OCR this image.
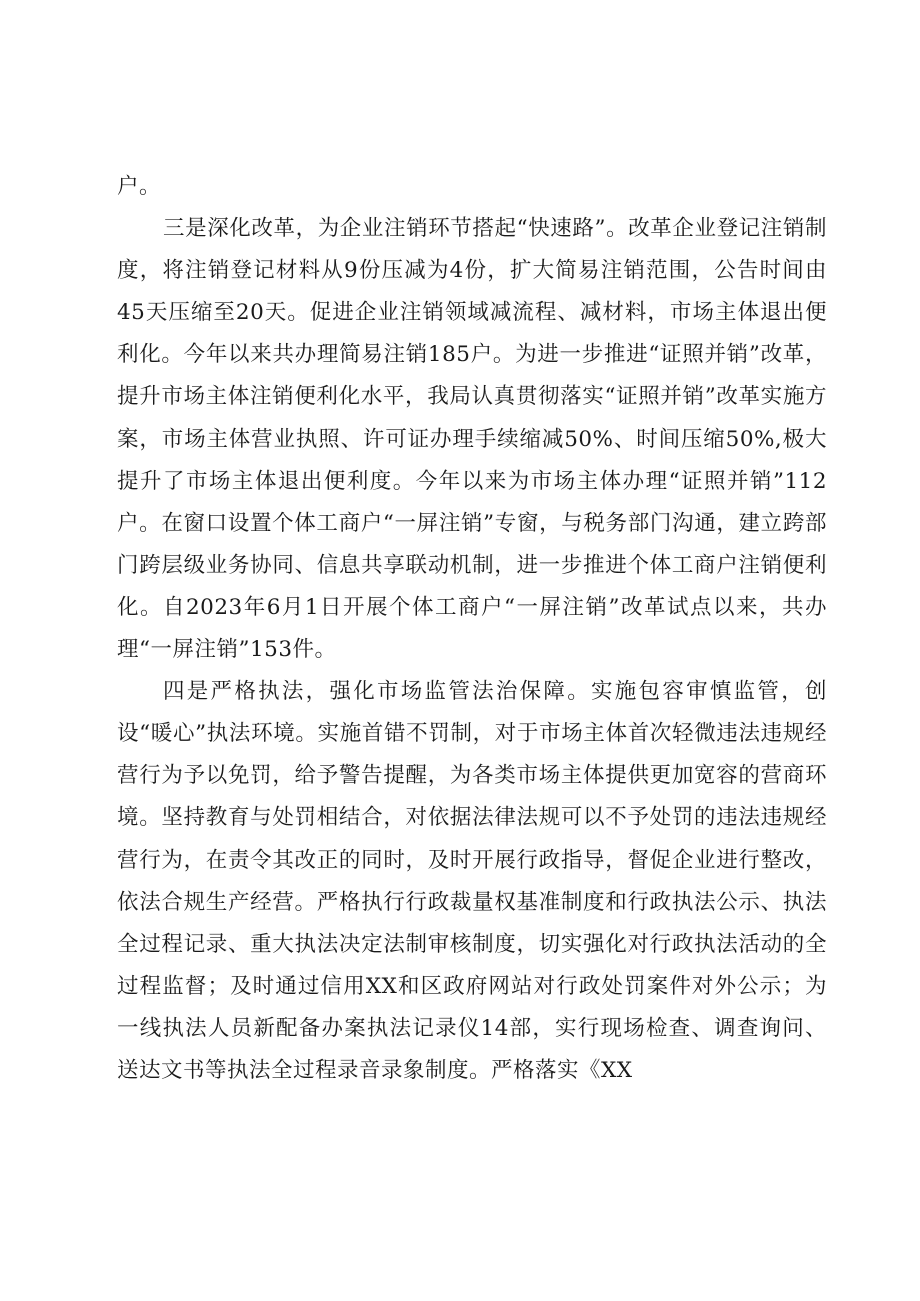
户。

三是深化改革，为企业注销环节搭起“快速路”。改革企业登记注销制度，将注销登记材料从9份压减为4份，扩大简易注销范围，公告时间由45天压缩至20天。促进企业注销领域减流程、减材料，市场主体退出便利化。今年以来共办理简易注销185户。为进一步推进“证照并销”改革，提升市场主体注销便利化水平，我局认真贯彻落实“证照并销”改革实施方案，市场主体营业执照、许可证办理手续缩减50%、时间压缩50%,极大提升了市场主体退出便利度。今年以来为市场主体办理“证照并销”112户。在窗口设置个体工商户“一屏注销”专窗，与税务部门沟通，建立跨部门跨层级业务协同、信息共享联动机制，进一步推进个体工商户注销便利化。自2023年6月1日开展个体工商户“一屏注销”改革试点以来，共办理“一屏注销”153件。

四是严格执法，强化市场监管法治保障。实施包容审慎监管，创设“暖心”执法环境。实施首错不罚制，对于市场主体首次轻微违法违规经营行为予以免罚，给予警告提醒，为各类市场主体提供更加宽容的营商环境。坚持教育与处罚相结合，对依据法律法规可以不予处罚的违法违规经营行为，在责令其改正的同时，及时开展行政指导，督促企业进行整改，依法合规生产经营。严格执行行政裁量权基准制度和行政执法公示、执法全过程记录、重大执法决定法制审核制度，切实强化对行政执法活动的全过程监督；及时通过信用XX和区政府网站对行政处罚案件对外公示；为一线执法人员新配备办案执法记录仪14部，实行现场检查、调查询问、送达文书等执法全过程录音录象制度。严格落实《XX
